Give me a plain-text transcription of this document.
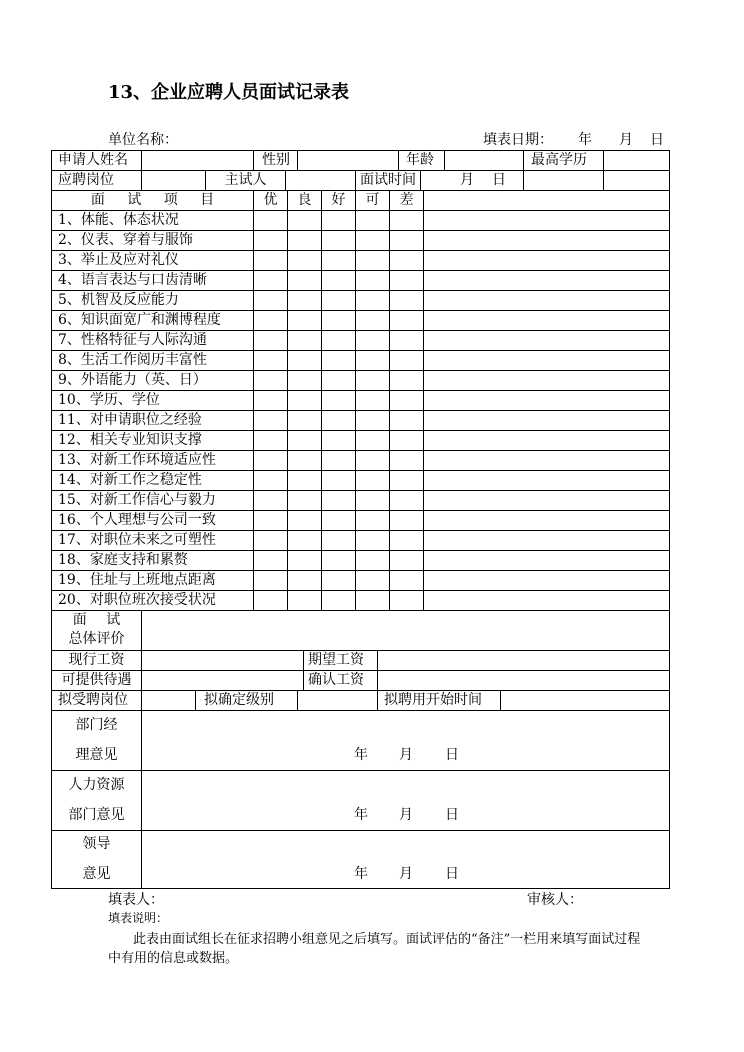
13、企业应聘人员面试记录表
单位名称：	填表日期： 年 月 日
申请人姓名	性别	年龄	最高学历
应聘岗位	主试人	面试时间	月 日
面 试 项 目	优	良	好	可	差
1、体能、体态状况
2、仪表、穿着与服饰
3、举止及应对礼仪
4、语言表达与口齿清晰
5、机智及反应能力
6、知识面宽广和渊博程度
7、性格特征与人际沟通
8、生活工作阅历丰富性
9、外语能力（英、日）
10、学历、学位
11、对申请职位之经验
12、相关专业知识支撑
13、对新工作环境适应性
14、对新工作之稳定性
15、对新工作信心与毅力
16、个人理想与公司一致
17、对职位未来之可塑性
18、家庭支持和累赘
19、住址与上班地点距离
20、对职位班次接受状况
面 试
总体评价
现行工资	期望工资
可提供待遇	确认工资
拟受聘岗位	拟确定级别	拟聘用开始时间
部门经
理意见	年 月 日
人力资源
部门意见	年 月 日
领导
意见	年 月 日
填表人：	审核人：
填表说明：
此表由面试组长在征求招聘小组意见之后填写。面试评估的“备注”一栏用来填写面试过程
中有用的信息或数据。
